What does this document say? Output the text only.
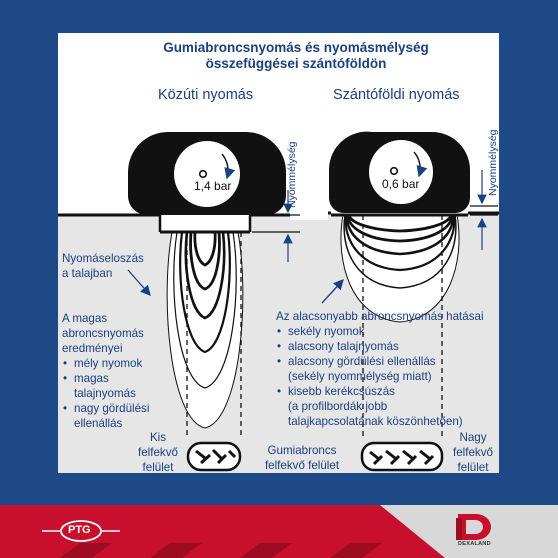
Gumiabroncsnyomás és nyomásmélység
összefüggései szántóföldön
Közúti nyomás	Szántóföldi nyomás
1,4 bar	0,6 bar
Nyommélység	Nyommélység
Nyomáseloszás
a talajban
A magas
abroncsnyomás
eredményei
• mély nyomok
• magas
talajnyomás
• nagy gördülési
ellenállás
Az alacsonyabb abroncsnyomás hatásai
• sekély nyomok
• alacsony talajnyomás
• alacsony gördülési ellenállás
(sekély nyommélység miatt)
• kisebb kerékcsúszás
(a profilbordák jobb
talajkapcsolatának köszönhetően)
Kis
felfekvő
felület
Gumiabroncs
felfekvő felület
Nagy
felfekvő
felület
PTG
DEXALAND
